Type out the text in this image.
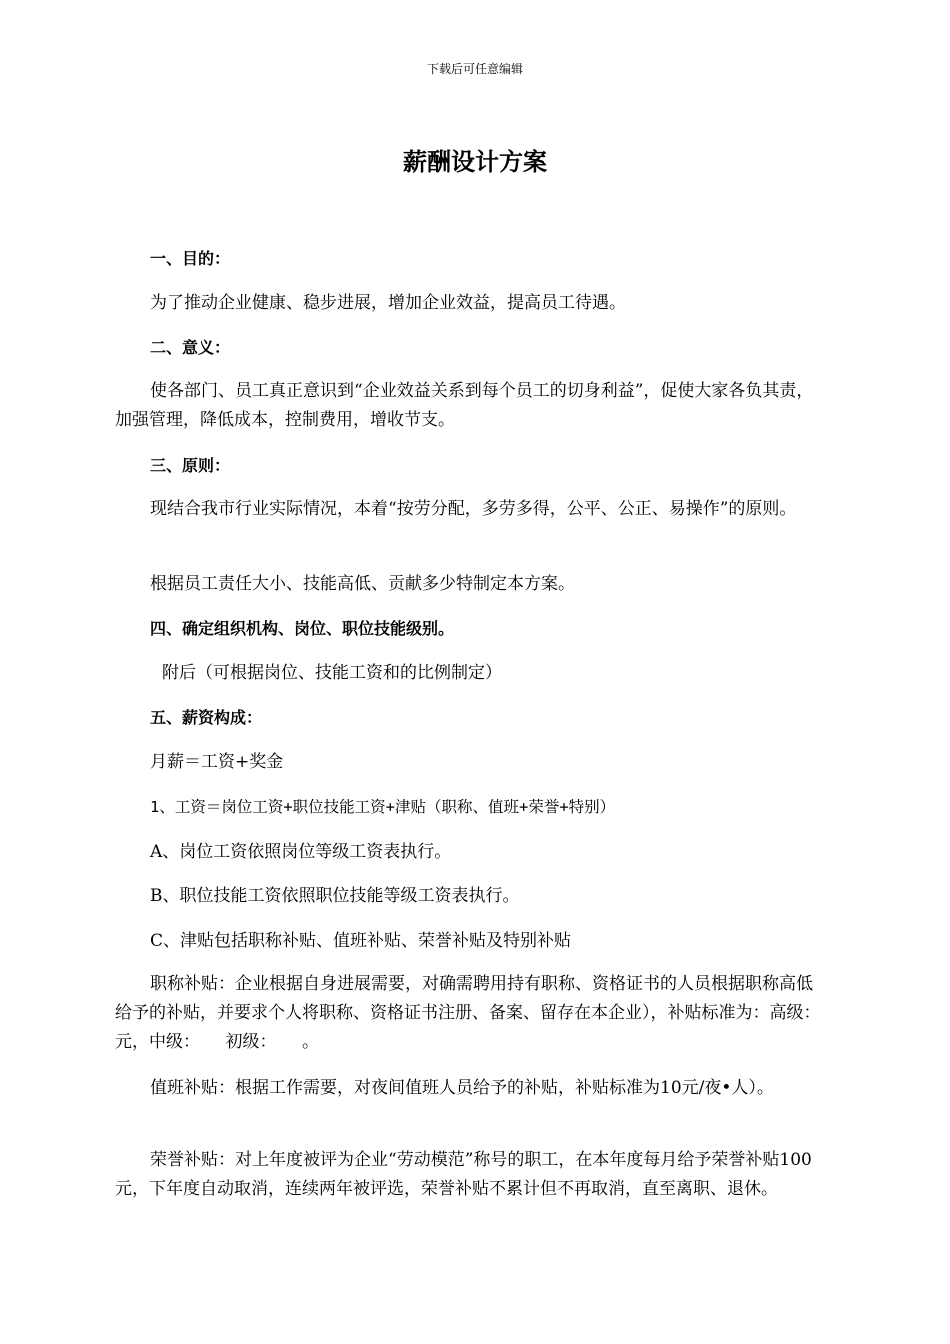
下载后可任意编辑
薪酬设计方案
一、目的：
为了推动企业健康、稳步进展，增加企业效益，提高员工待遇。
二、意义：
使各部门、员工真正意识到“企业效益关系到每个员工的切身利益”，促使大家各负其责，加强管理，降低成本，控制费用，增收节支。
三、原则：
现结合我市行业实际情况，本着“按劳分配，多劳多得，公平、公正、易操作”的原则。
根据员工责任大小、技能高低、贡献多少特制定本方案。
四、确定组织机构、岗位、职位技能级别。
附后（可根据岗位、技能工资和的比例制定）
五、薪资构成：
月薪＝工资+奖金
1、工资＝岗位工资+职位技能工资+津贴（职称、值班+荣誉+特别）
A、岗位工资依照岗位等级工资表执行。
B、职位技能工资依照职位技能等级工资表执行。
C、津贴包括职称补贴、值班补贴、荣誉补贴及特别补贴
职称补贴：企业根据自身进展需要，对确需聘用持有职称、资格证书的人员根据职称高低给予的补贴，并要求个人将职称、资格证书注册、备案、留存在本企业），补贴标准为：高级：　　元，中级：　　初级：　　。
值班补贴：根据工作需要，对夜间值班人员给予的补贴，补贴标准为10元/夜•人）。
荣誉补贴：对上年度被评为企业“劳动模范”称号的职工，在本年度每月给予荣誉补贴100元，下年度自动取消，连续两年被评选，荣誉补贴不累计但不再取消，直至离职、退休。
